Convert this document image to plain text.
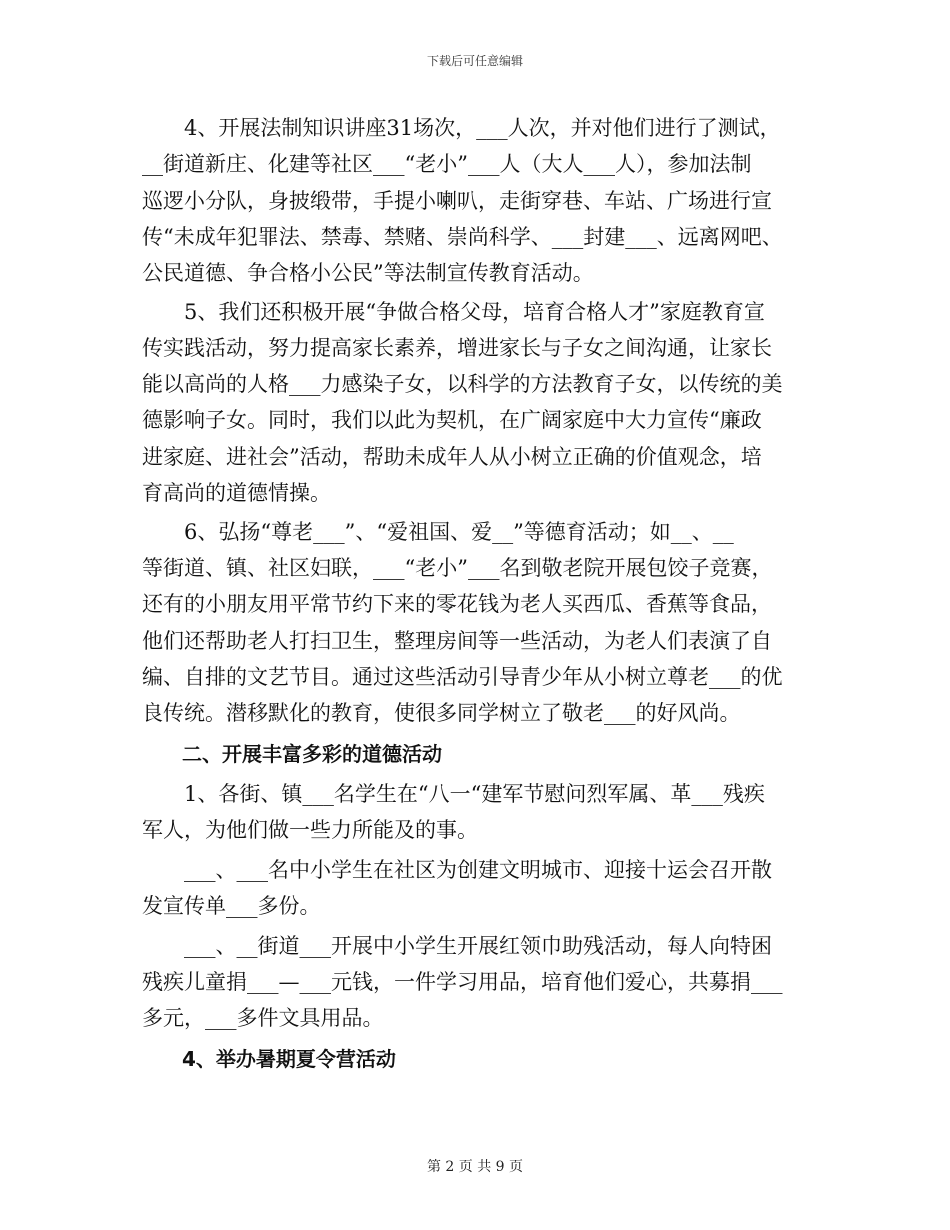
下载后可任意编辑
　　4、开展法制知识讲座31场次，___人次，并对他们进行了测试，
__街道新庄、化建等社区___“老小”___人（大人___人），参加法制
巡逻小分队，身披缎带，手提小喇叭，走街穿巷、车站、广场进行宣
传“未成年犯罪法、禁毒、禁赌、崇尚科学、___封建___、远离网吧、
公民道德、争合格小公民”等法制宣传教育活动。
　　5、我们还积极开展“争做合格父母，培育合格人才”家庭教育宣
传实践活动，努力提高家长素养，增进家长与子女之间沟通，让家长
能以高尚的人格___力感染子女，以科学的方法教育子女，以传统的美
德影响子女。同时，我们以此为契机，在广阔家庭中大力宣传“廉政
进家庭、进社会”活动，帮助未成年人从小树立正确的价值观念，培
育高尚的道德情操。
　　6、弘扬“尊老___”、“爱祖国、爱__”等德育活动；如__、__
等街道、镇、社区妇联，___“老小”___名到敬老院开展包饺子竞赛，
还有的小朋友用平常节约下来的零花钱为老人买西瓜、香蕉等食品，
他们还帮助老人打扫卫生，整理房间等一些活动，为老人们表演了自
编、自排的文艺节目。通过这些活动引导青少年从小树立尊老___的优
良传统。潜移默化的教育，使很多同学树立了敬老___的好风尚。
　　二、开展丰富多彩的道德活动
　　1、各街、镇___名学生在“八一“建军节慰问烈军属、革___残疾
军人，为他们做一些力所能及的事。
　　___、___名中小学生在社区为创建文明城市、迎接十运会召开散
发宣传单___多份。
　　___、__街道___开展中小学生开展红领巾助残活动，每人向特困
残疾儿童捐___—___元钱，一件学习用品，培育他们爱心，共募捐___
多元，___多件文具用品。
　　4、举办暑期夏令营活动
第 2 页 共 9 页
